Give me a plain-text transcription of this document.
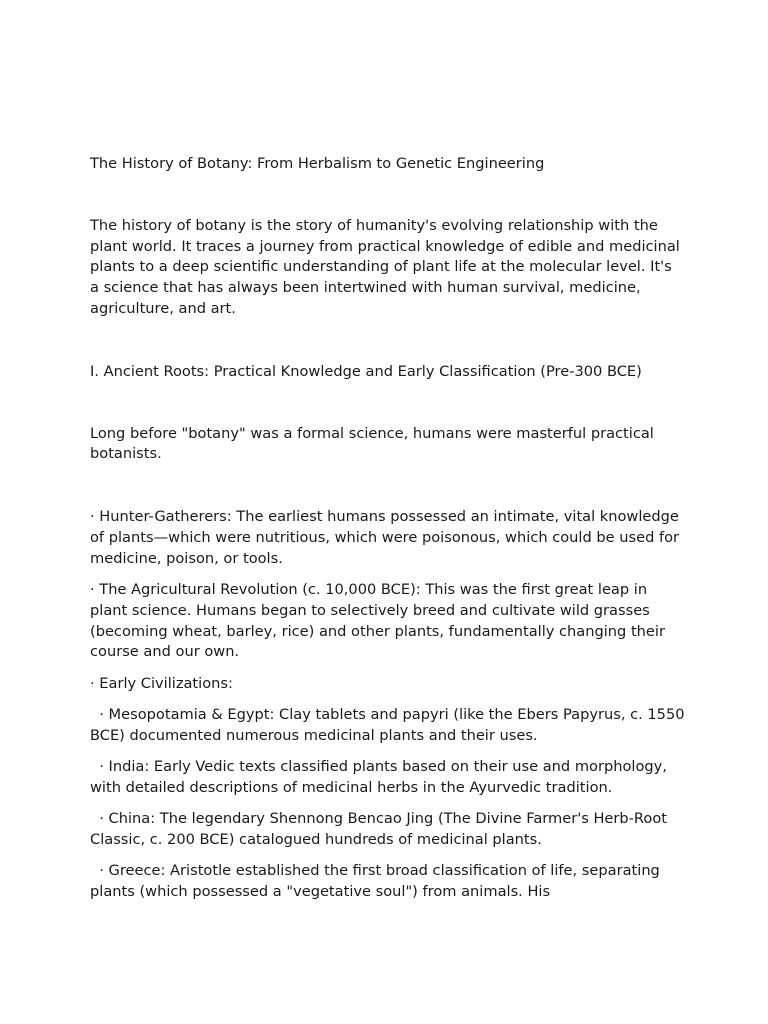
The History of Botany: From Herbalism to Genetic Engineering

The history of botany is the story of humanity's evolving relationship with the plant world. It traces a journey from practical knowledge of edible and medicinal plants to a deep scientific understanding of plant life at the molecular level. It's a science that has always been intertwined with human survival, medicine, agriculture, and art.

I. Ancient Roots: Practical Knowledge and Early Classification (Pre-300 BCE)

Long before "botany" was a formal science, humans were masterful practical botanists.

· Hunter-Gatherers: The earliest humans possessed an intimate, vital knowledge of plants—which were nutritious, which were poisonous, which could be used for medicine, poison, or tools.

· The Agricultural Revolution (c. 10,000 BCE): This was the first great leap in plant science. Humans began to selectively breed and cultivate wild grasses (becoming wheat, barley, rice) and other plants, fundamentally changing their course and our own.

· Early Civilizations:

· Mesopotamia & Egypt: Clay tablets and papyri (like the Ebers Papyrus, c. 1550 BCE) documented numerous medicinal plants and their uses.

· India: Early Vedic texts classified plants based on their use and morphology, with detailed descriptions of medicinal herbs in the Ayurvedic tradition.

· China: The legendary Shennong Bencao Jing (The Divine Farmer's Herb-Root Classic, c. 200 BCE) catalogued hundreds of medicinal plants.

· Greece: Aristotle established the first broad classification of life, separating plants (which possessed a "vegetative soul") from animals. His
